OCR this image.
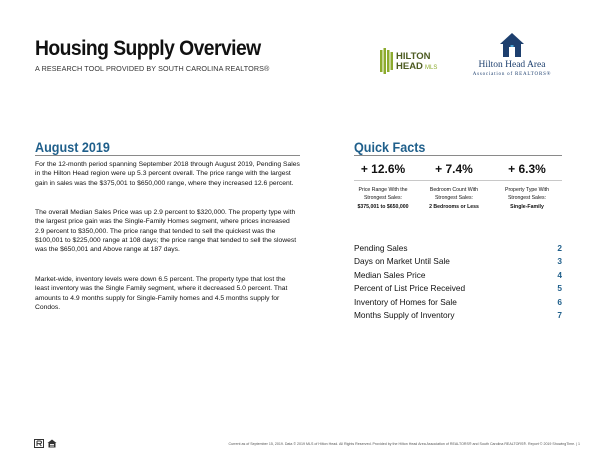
Housing Supply Overview
A RESEARCH TOOL PROVIDED BY SOUTH CAROLINA REALTORS®
HILTON
HEAD MLS	Hilton Head Area
Association of REALTORS®
August 2019

For the 12-month period spanning September 2018 through August 2019, Pending Sales in the Hilton Head region were up 5.3 percent overall. The price range with the largest gain in sales was the $375,001 to $650,000 range, where they increased 12.6 percent.

The overall Median Sales Price was up 2.9 percent to $320,000. The property type with the largest price gain was the Single-Family Homes segment, where prices increased 2.9 percent to $350,000. The price range that tended to sell the quickest was the $100,001 to $225,000 range at 108 days; the price range that tended to sell the slowest was the $650,001 and Above range at 187 days.

Market-wide, inventory levels were down 6.5 percent. The property type that lost the least inventory was the Single Family segment, where it decreased 5.0 percent. That amounts to 4.9 months supply for Single-Family homes and 4.5 months supply for Condos.

Quick Facts
+ 12.6%	+ 7.4%	+ 6.3%
Price Range With the
Strongest Sales:
Bedroom Count With
Strongest Sales:
Property Type With
Strongest Sales:
$375,001 to $650,000	2 Bedrooms or Less	Single-Family
Pending Sales	2
Days on Market Until Sale	3
Median Sales Price	4
Percent of List Price Received	5
Inventory of Homes for Sale	6
Months Supply of Inventory	7
Current as of September 15, 2019. Data © 2019 MLS of Hilton Head. All Rights Reserved. Provided by the Hilton Head Area Association of REALTORS® and South Carolina REALTORS®. Report © 2019 ShowingTime. | 1
